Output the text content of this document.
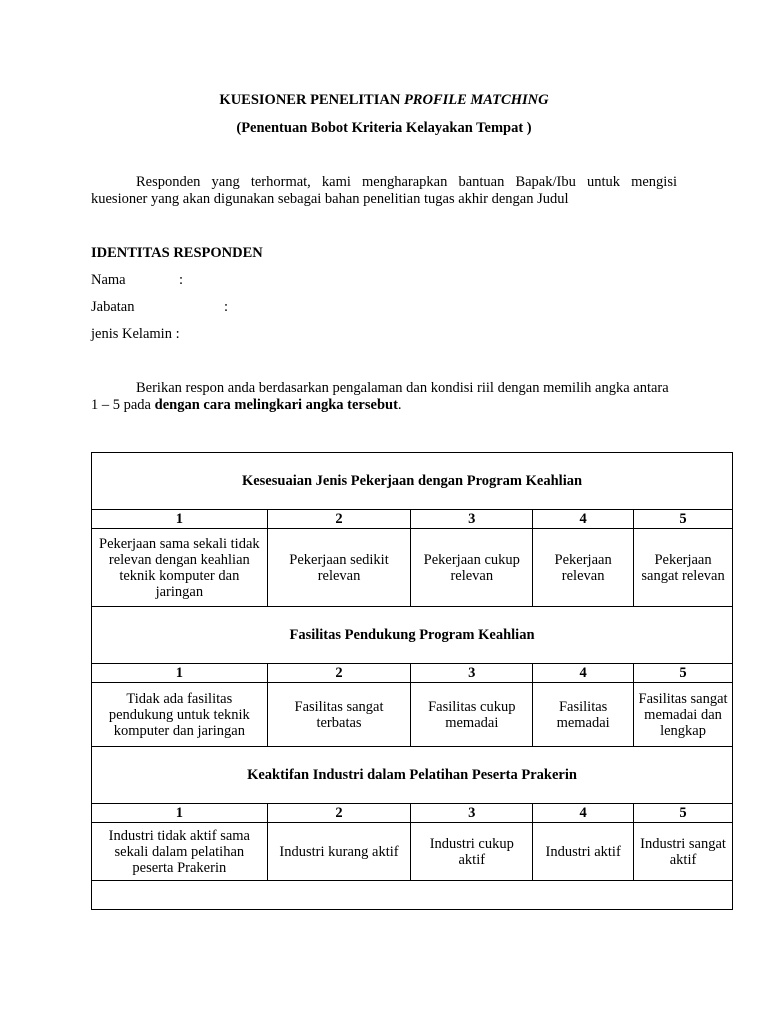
KUESIONER PENELITIAN PROFILE MATCHING
(Penentuan Bobot Kriteria Kelayakan Tempat )
Responden yang terhormat, kami mengharapkan bantuan Bapak/Ibu untuk mengisi kuesioner yang akan digunakan sebagai bahan penelitian tugas akhir dengan Judul
IDENTITAS RESPONDEN
Nama	:
Jabatan	:
jenis Kelamin :
Berikan respon anda berdasarkan pengalaman dan kondisi riil dengan memilih angka antara 1 – 5 pada dengan cara melingkari angka tersebut.
Kesesuaian Jenis Pekerjaan dengan Program Keahlian				
1	2	3	4	5
Pekerjaan sama sekali tidak relevan dengan keahlian teknik komputer dan jaringan	Pekerjaan sedikit relevan	Pekerjaan cukup relevan	Pekerjaan relevan	Pekerjaan sangat relevan
Fasilitas Pendukung Program Keahlian				
1	2	3	4	5
Tidak ada fasilitas pendukung untuk teknik komputer dan jaringan	Fasilitas sangat terbatas	Fasilitas cukup memadai	Fasilitas memadai	Fasilitas sangat memadai dan lengkap
Keaktifan Industri dalam Pelatihan Peserta Prakerin				
1	2	3	4	5
Industri tidak aktif sama sekali dalam pelatihan peserta Prakerin	Industri kurang aktif	Industri cukup aktif	Industri aktif	Industri sangat aktif
